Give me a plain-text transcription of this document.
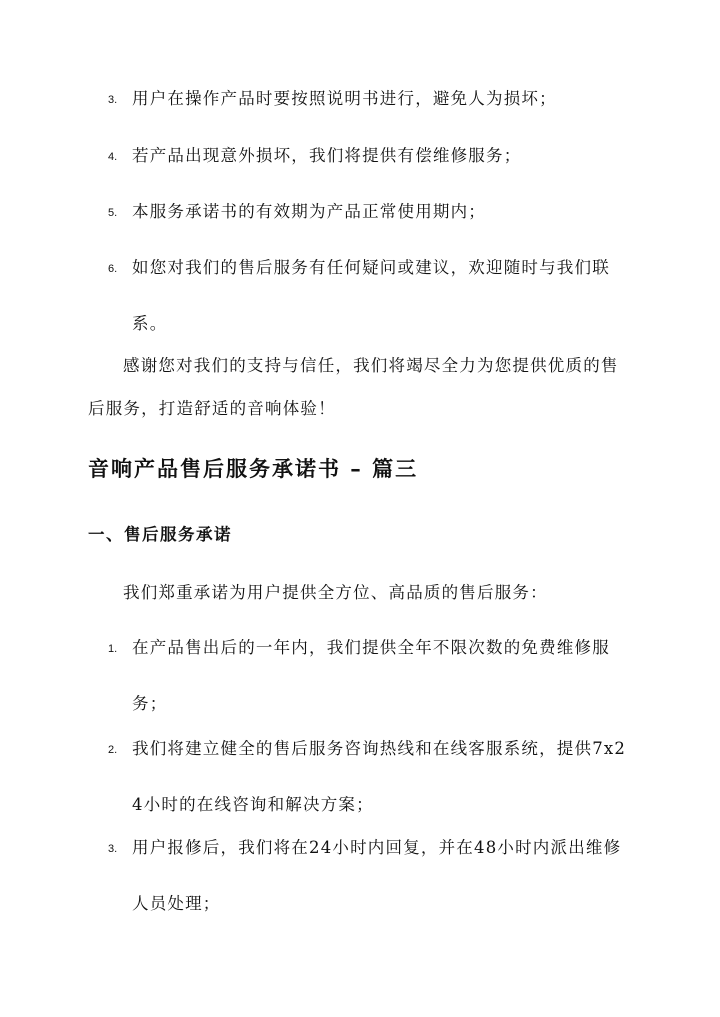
3. 用户在操作产品时要按照说明书进行，避免人为损坏；
4. 若产品出现意外损坏，我们将提供有偿维修服务；
5. 本服务承诺书的有效期为产品正常使用期内；
6. 如您对我们的售后服务有任何疑问或建议，欢迎随时与我们联系。
感谢您对我们的支持与信任，我们将竭尽全力为您提供优质的售后服务，打造舒适的音响体验！
音响产品售后服务承诺书 – 篇三
一、售后服务承诺
我们郑重承诺为用户提供全方位、高品质的售后服务：
1. 在产品售出后的一年内，我们提供全年不限次数的免费维修服务；
2. 我们将建立健全的售后服务咨询热线和在线客服系统，提供7x24小时的在线咨询和解决方案；
3. 用户报修后，我们将在24小时内回复，并在48小时内派出维修人员处理；
